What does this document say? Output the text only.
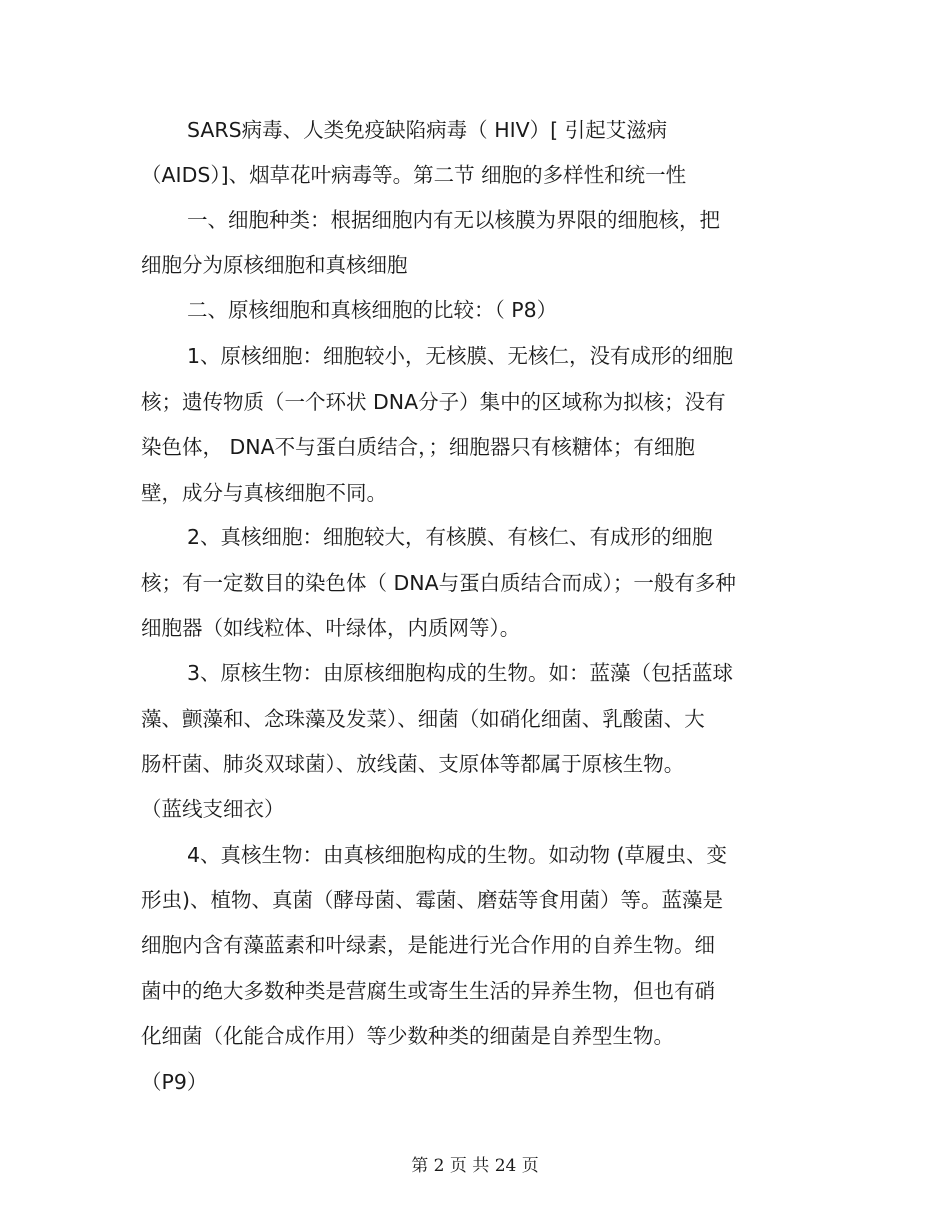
SARS病毒、人类免疫缺陷病毒（ HIV）[ 引起艾滋病
（AIDS）]、烟草花叶病毒等。第二节 细胞的多样性和统一性
一、细胞种类：根据细胞内有无以核膜为界限的细胞核，把
细胞分为原核细胞和真核细胞
二、原核细胞和真核细胞的比较：（ P8）
1、原核细胞：细胞较小，无核膜、无核仁，没有成形的细胞
核；遗传物质（一个环状 DNA分子）集中的区域称为拟核；没有
染色体， DNA不与蛋白质结合，；细胞器只有核糖体；有细胞
壁，成分与真核细胞不同。
2、真核细胞：细胞较大，有核膜、有核仁、有成形的细胞
核；有一定数目的染色体（ DNA与蛋白质结合而成）；一般有多种
细胞器（如线粒体、叶绿体，内质网等）。
3、原核生物：由原核细胞构成的生物。如：蓝藻（包括蓝球
藻、颤藻和、念珠藻及发菜）、细菌（如硝化细菌、乳酸菌、大
肠杆菌、肺炎双球菌）、放线菌、支原体等都属于原核生物。
（蓝线支细衣）
4、真核生物：由真核细胞构成的生物。如动物 (草履虫、变
形虫)、植物、真菌（酵母菌、霉菌、磨菇等食用菌）等。蓝藻是
细胞内含有藻蓝素和叶绿素，是能进行光合作用的自养生物。细
菌中的绝大多数种类是营腐生或寄生生活的异养生物，但也有硝
化细菌（化能合成作用）等少数种类的细菌是自养型生物。
（P9）
第 2 页 共 24 页
